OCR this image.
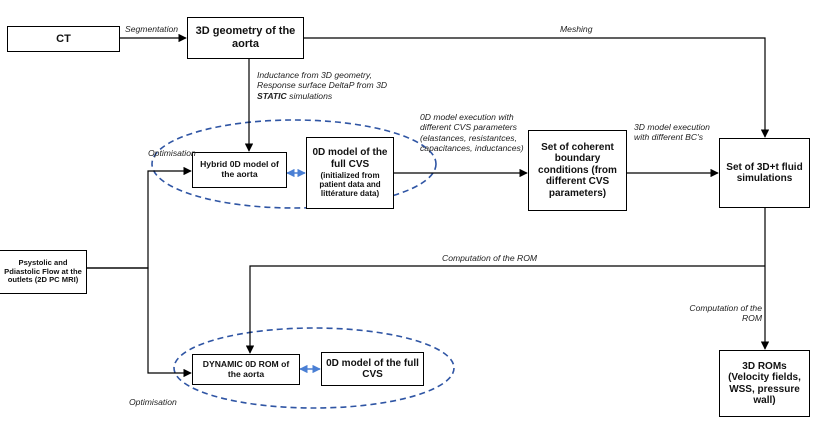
CT
3D geometry of the aorta
Hybrid 0D model of the aorta
0D model of the full CVS
(initialized from patient data and littérature data)
Set of coherent boundary conditions (from different CVS parameters)
Set of 3D+t fluid simulations
Psystolic and Pdiastolic Flow at the outlets (2D PC MRI)
DYNAMIC 0D ROM of the aorta
0D model of the full CVS
3D ROMs (Velocity fields, WSS, pressure wall)
Segmentation	Meshing
Inductance from 3D geometry, Response surface DeltaP from 3D STATIC simulations
0D model execution with different CVS parameters (elastances, resistantces, capacitances, inductances)
3D model execution with different BC's
Optimisation
Optimisation
Computation of the ROM
Computation of the ROM
